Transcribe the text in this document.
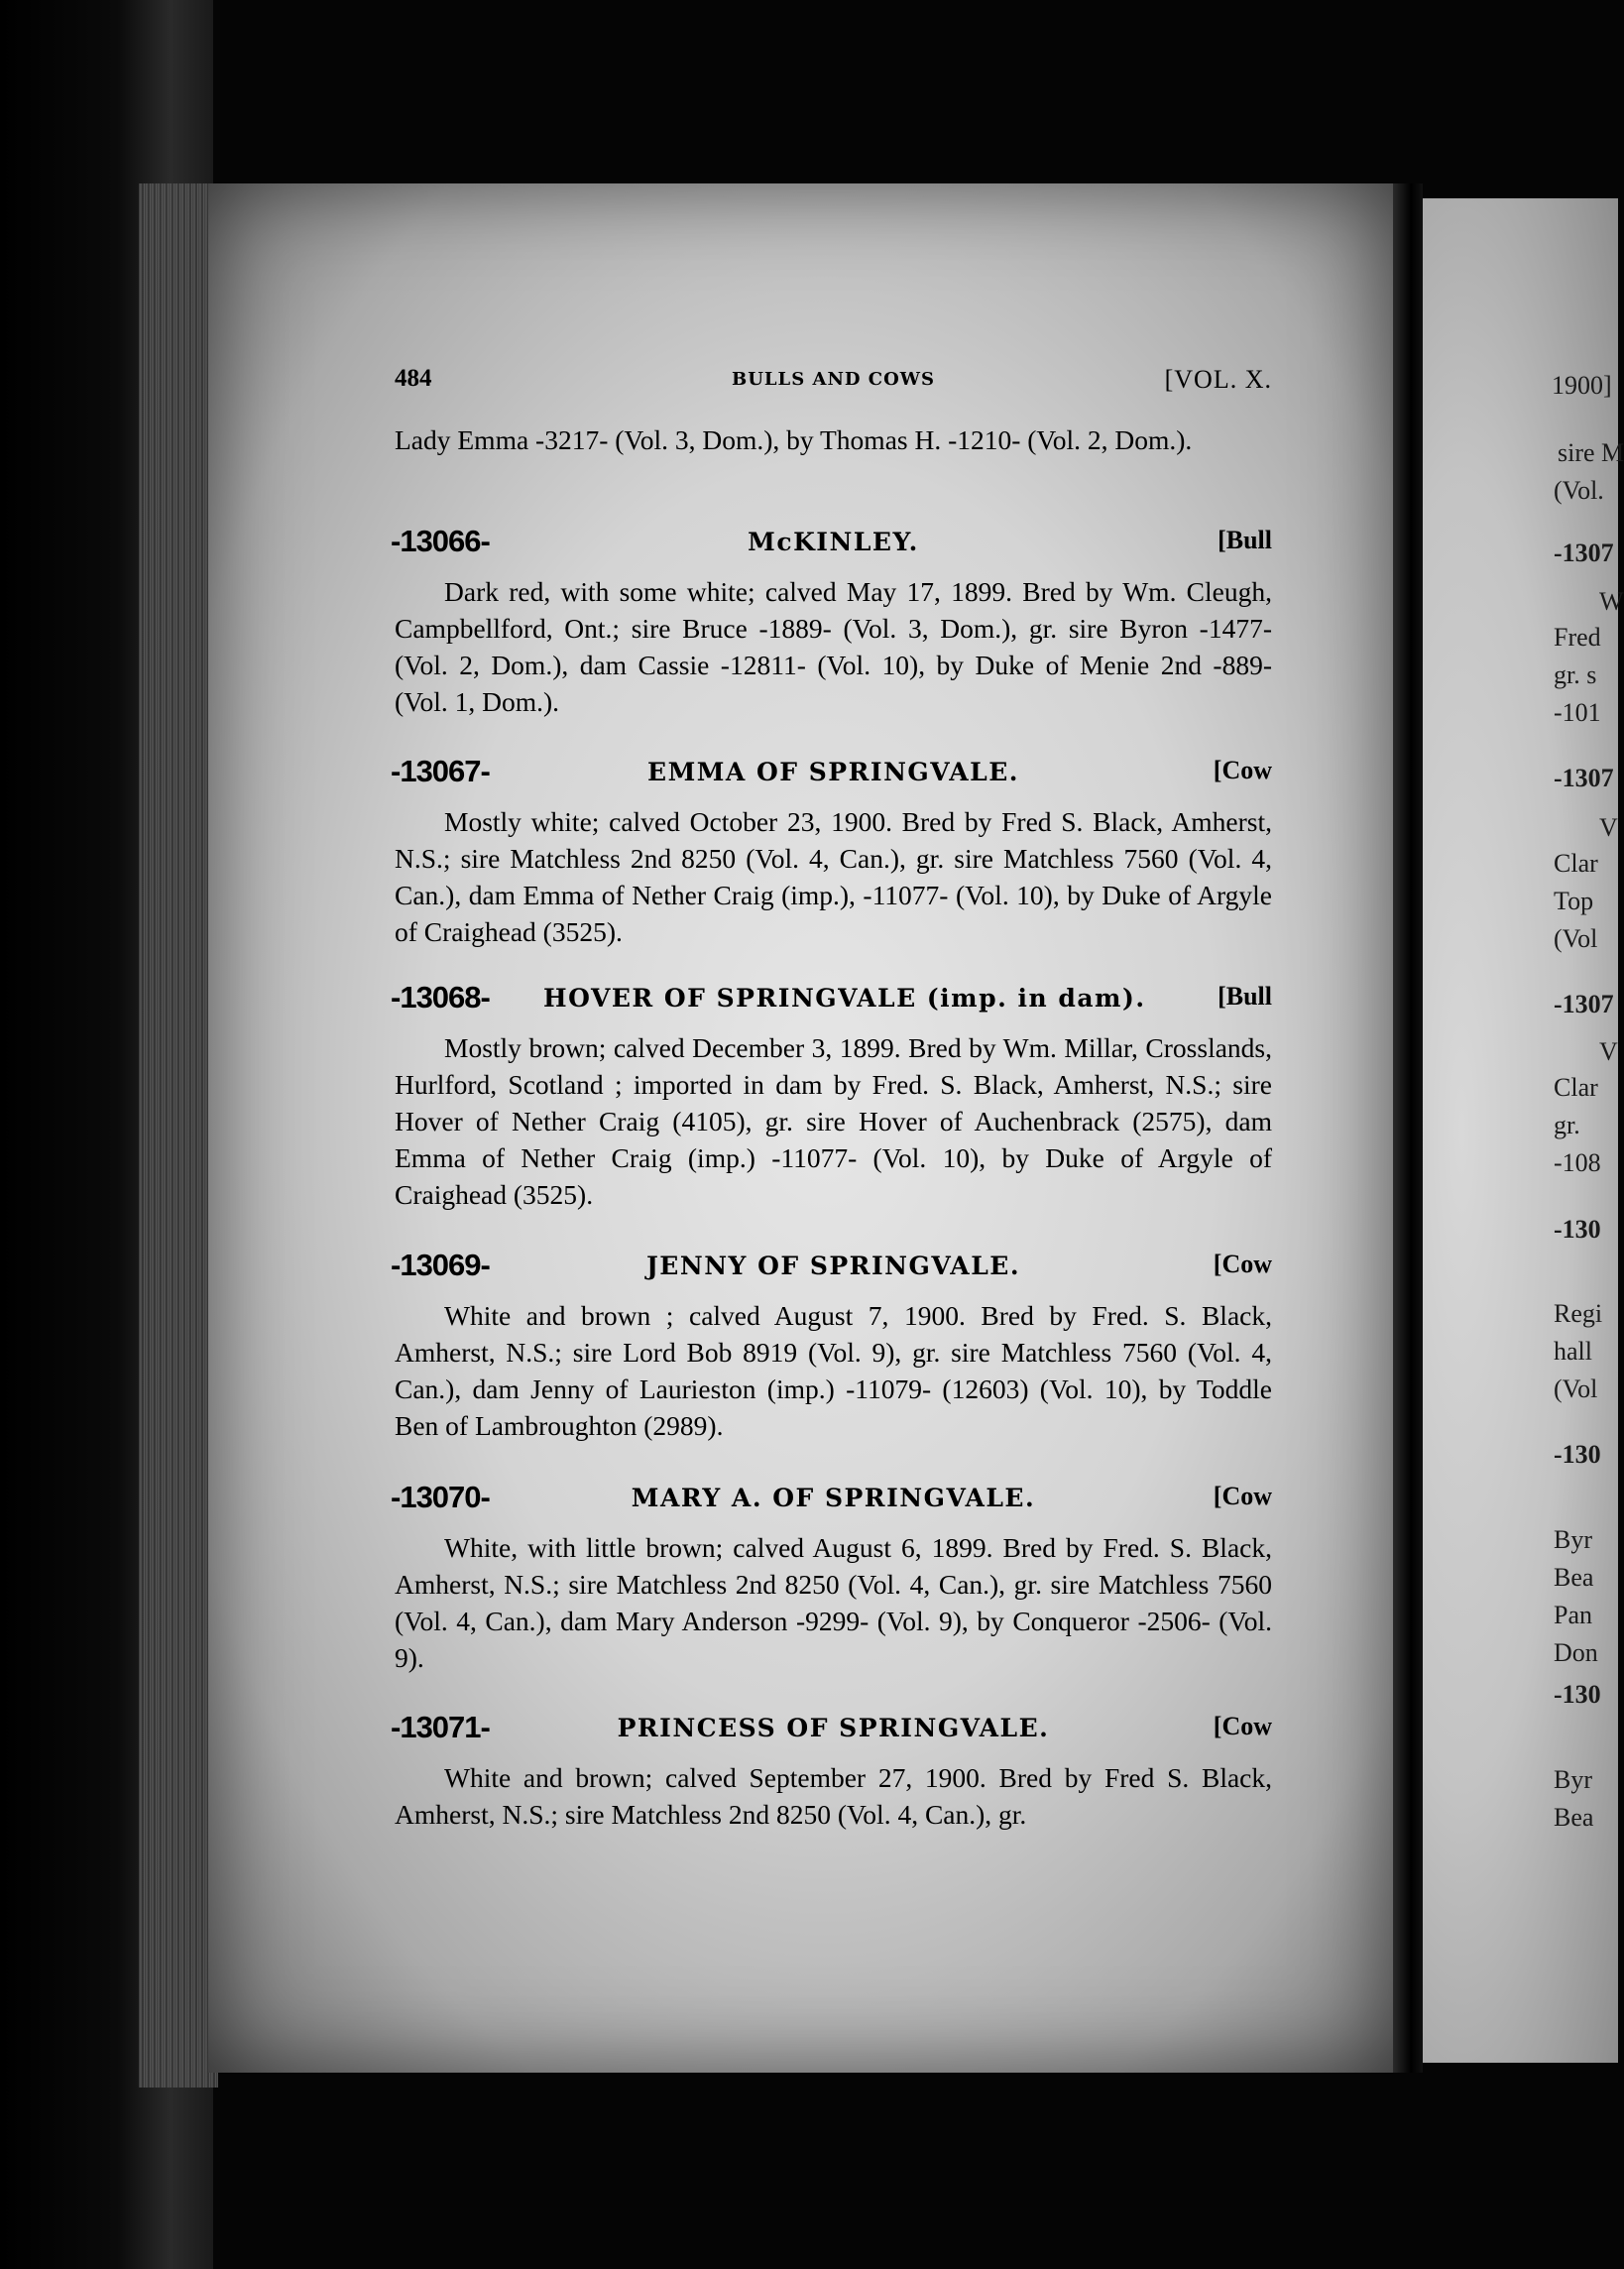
1900]
sire M
(Vol.
-1307
W
Fred
gr. s
-101
-1307
V
Clar
Top
(Vol
-1307
V
Clar
gr.
-108
-130
Regi
hall
(Vol
-130
Byr
Bea
Pan
Don
-130
Byr
Bea
484	BULLS AND COWS	[VOL. X.
Lady Emma -3217- (Vol. 3, Dom.), by Thomas H. -1210- (Vol. 2, Dom.).
-13066-	McKINLEY.	[Bull
Dark red, with some white; calved May 17, 1899. Bred by Wm. Cleugh, Campbellford, Ont.; sire Bruce -1889- (Vol. 3, Dom.), gr. sire Byron -1477- (Vol. 2, Dom.), dam Cassie -12811- (Vol. 10), by Duke of Menie 2nd -889- (Vol. 1, Dom.).
-13067-	EMMA OF SPRINGVALE.	[Cow
Mostly white; calved October 23, 1900. Bred by Fred S. Black, Amherst, N.S.; sire Matchless 2nd 8250 (Vol. 4, Can.), gr. sire Matchless 7560 (Vol. 4, Can.), dam Emma of Nether Craig (imp.), -11077- (Vol. 10), by Duke of Argyle of Craighead (3525).
-13068- HOVER OF SPRINGVALE (imp. in dam).	[Bull
Mostly brown; calved December 3, 1899. Bred by Wm. Millar, Crosslands, Hurlford, Scotland ; imported in dam by Fred. S. Black, Amherst, N.S.; sire Hover of Nether Craig (4105), gr. sire Hover of Auchenbrack (2575), dam Emma of Nether Craig (imp.) -11077- (Vol. 10), by Duke of Argyle of Craighead (3525).
-13069-	JENNY OF SPRINGVALE.	[Cow
White and brown ; calved August 7, 1900. Bred by Fred. S. Black, Amherst, N.S.; sire Lord Bob 8919 (Vol. 9), gr. sire Matchless 7560 (Vol. 4, Can.), dam Jenny of Laurieston (imp.) -11079- (12603) (Vol. 10), by Toddle Ben of Lambroughton (2989).
-13070-	MARY A. OF SPRINGVALE.	[Cow
White, with little brown; calved August 6, 1899. Bred by Fred. S. Black, Amherst, N.S.; sire Matchless 2nd 8250 (Vol. 4, Can.), gr. sire Matchless 7560 (Vol. 4, Can.), dam Mary Anderson -9299- (Vol. 9), by Conqueror -2506- (Vol. 9).
-13071-	PRINCESS OF SPRINGVALE.	[Cow
White and brown; calved September 27, 1900. Bred by Fred S. Black, Amherst, N.S.; sire Matchless 2nd 8250 (Vol. 4, Can.), gr.
